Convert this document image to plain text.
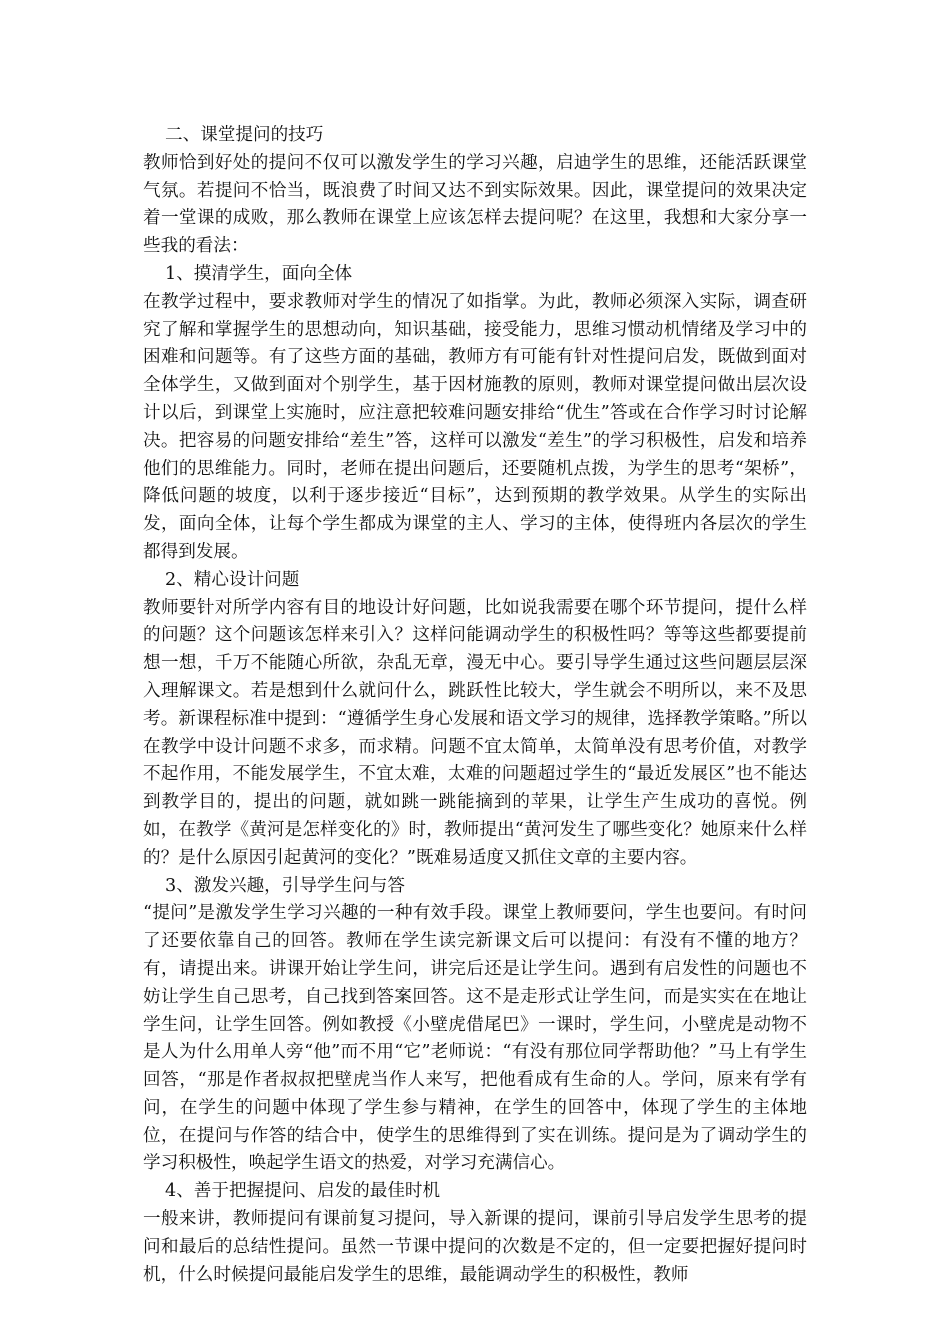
二、课堂提问的技巧

教师恰到好处的提问不仅可以激发学生的学习兴趣，启迪学生的思维，还能活跃课堂气氛。若提问不恰当，既浪费了时间又达不到实际效果。因此，课堂提问的效果决定着一堂课的成败，那么教师在课堂上应该怎样去提问呢？在这里，我想和大家分享一些我的看法：

1、摸清学生，面向全体

在教学过程中，要求教师对学生的情况了如指掌。为此，教师必须深入实际，调查研究了解和掌握学生的思想动向，知识基础，接受能力，思维习惯动机情绪及学习中的困难和问题等。有了这些方面的基础，教师方有可能有针对性提问启发，既做到面对全体学生，又做到面对个别学生，基于因材施教的原则，教师对课堂提问做出层次设计以后，到课堂上实施时，应注意把较难问题安排给“优生”答或在合作学习时讨论解决。把容易的问题安排给“差生”答，这样可以激发“差生”的学习积极性，启发和培养他们的思维能力。同时，老师在提出问题后，还要随机点拨，为学生的思考“架桥”，降低问题的坡度，以利于逐步接近“目标”，达到预期的教学效果。从学生的实际出发，面向全体，让每个学生都成为课堂的主人、学习的主体，使得班内各层次的学生都得到发展。

2、精心设计问题

教师要针对所学内容有目的地设计好问题，比如说我需要在哪个环节提问，提什么样的问题？这个问题该怎样来引入？这样问能调动学生的积极性吗？等等这些都要提前想一想，千万不能随心所欲，杂乱无章，漫无中心。要引导学生通过这些问题层层深入理解课文。若是想到什么就问什么，跳跃性比较大，学生就会不明所以，来不及思考。新课程标准中提到：“遵循学生身心发展和语文学习的规律，选择教学策略。”所以在教学中设计问题不求多，而求精。问题不宜太简单，太简单没有思考价值，对教学不起作用，不能发展学生，不宜太难，太难的问题超过学生的“最近发展区”也不能达到教学目的，提出的问题，就如跳一跳能摘到的苹果，让学生产生成功的喜悦。例如，在教学《黄河是怎样变化的》时，教师提出“黄河发生了哪些变化？她原来什么样的？是什么原因引起黄河的变化？”既难易适度又抓住文章的主要内容。

3、激发兴趣，引导学生问与答

“提问”是激发学生学习兴趣的一种有效手段。课堂上教师要问，学生也要问。有时问了还要依靠自己的回答。教师在学生读完新课文后可以提问：有没有不懂的地方？有，请提出来。讲课开始让学生问，讲完后还是让学生问。遇到有启发性的问题也不妨让学生自己思考，自己找到答案回答。这不是走形式让学生问，而是实实在在地让学生问，让学生回答。例如教授《小壁虎借尾巴》一课时，学生问，小壁虎是动物不是人为什么用单人旁“他”而不用“它”老师说：“有没有那位同学帮助他？”马上有学生回答，“那是作者叔叔把壁虎当作人来写，把他看成有生命的人。学问，原来有学有问，在学生的问题中体现了学生参与精神，在学生的回答中，体现了学生的主体地位，在提问与作答的结合中，使学生的思维得到了实在训练。提问是为了调动学生的学习积极性，唤起学生语文的热爱，对学习充满信心。

4、善于把握提问、启发的最佳时机

一般来讲，教师提问有课前复习提问，导入新课的提问，课前引导启发学生思考的提问和最后的总结性提问。虽然一节课中提问的次数是不定的，但一定要把握好提问时机，什么时候提问最能启发学生的思维，最能调动学生的积极性，教师
